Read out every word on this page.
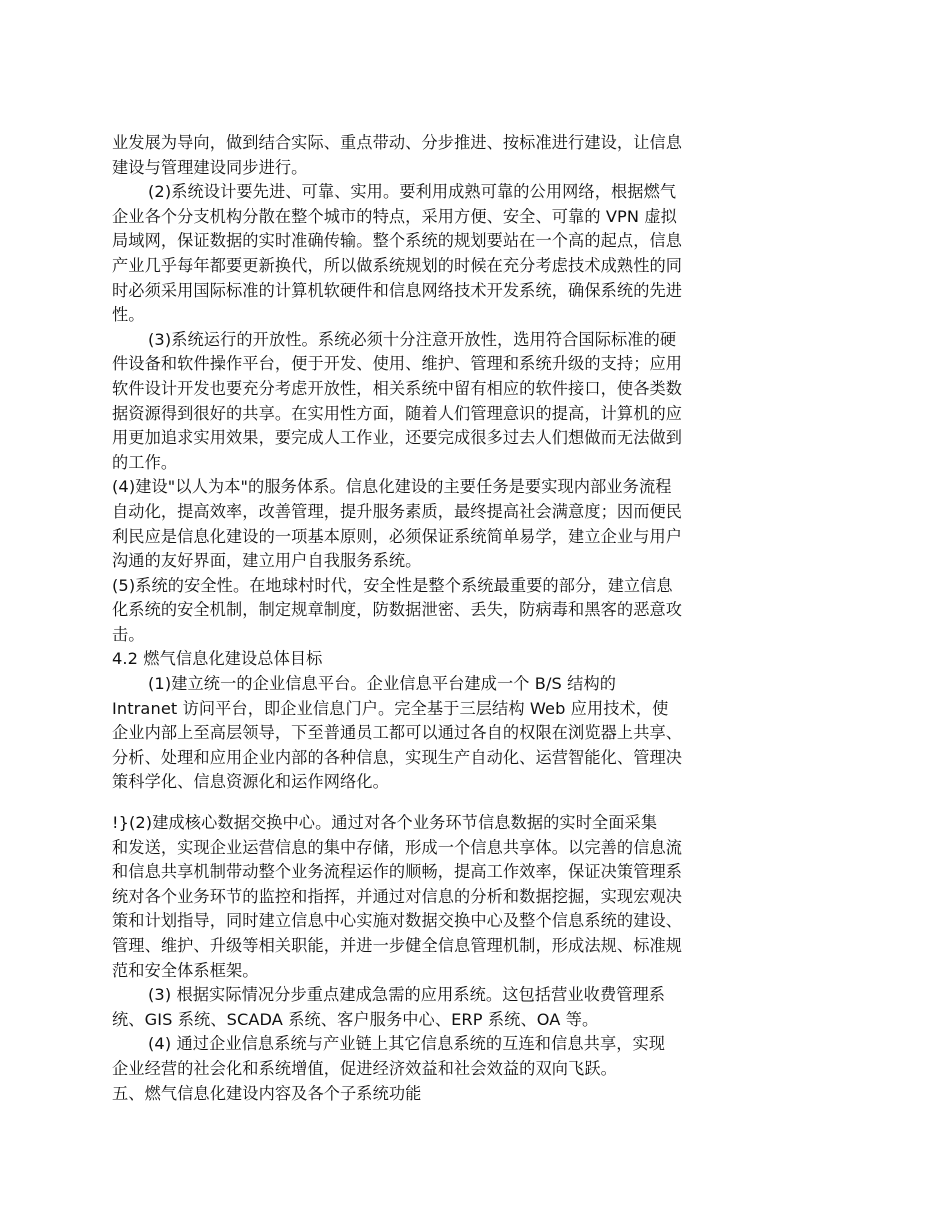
业发展为导向，做到结合实际、重点带动、分步推进、按标准进行建设，让信息
建设与管理建设同步进行。
(2)系统设计要先进、可靠、实用。要利用成熟可靠的公用网络，根据燃气
企业各个分支机构分散在整个城市的特点，采用方便、安全、可靠的 VPN 虚拟
局域网，保证数据的实时准确传输。整个系统的规划要站在一个高的起点，信息
产业几乎每年都要更新换代，所以做系统规划的时候在充分考虑技术成熟性的同
时必须采用国际标准的计算机软硬件和信息网络技术开发系统，确保系统的先进
性。
(3)系统运行的开放性。系统必须十分注意开放性，选用符合国际标准的硬
件设备和软件操作平台，便于开发、使用、维护、管理和系统升级的支持；应用
软件设计开发也要充分考虑开放性，相关系统中留有相应的软件接口，使各类数
据资源得到很好的共享。在实用性方面，随着人们管理意识的提高，计算机的应
用更加追求实用效果，要完成人工作业，还要完成很多过去人们想做而无法做到
的工作。
(4)建设"以人为本"的服务体系。信息化建设的主要任务是要实现内部业务流程
自动化，提高效率，改善管理，提升服务素质，最终提高社会满意度；因而便民
利民应是信息化建设的一项基本原则，必须保证系统简单易学，建立企业与用户
沟通的友好界面，建立用户自我服务系统。
(5)系统的安全性。在地球村时代，安全性是整个系统最重要的部分，建立信息
化系统的安全机制，制定规章制度，防数据泄密、丢失，防病毒和黑客的恶意攻
击。
4.2 燃气信息化建设总体目标
(1)建立统一的企业信息平台。企业信息平台建成一个 B/S 结构的
Intranet 访问平台，即企业信息门户。完全基于三层结构 Web 应用技术，使
企业内部上至高层领导，下至普通员工都可以通过各自的权限在浏览器上共享、
分析、处理和应用企业内部的各种信息，实现生产自动化、运营智能化、管理决
策科学化、信息资源化和运作网络化。
!}(2)建成核心数据交换中心。通过对各个业务环节信息数据的实时全面采集
和发送，实现企业运营信息的集中存储，形成一个信息共享体。以完善的信息流
和信息共享机制带动整个业务流程运作的顺畅，提高工作效率，保证决策管理系
统对各个业务环节的监控和指挥，并通过对信息的分析和数据挖掘，实现宏观决
策和计划指导，同时建立信息中心实施对数据交换中心及整个信息系统的建设、
管理、维护、升级等相关职能，并进一步健全信息管理机制，形成法规、标准规
范和安全体系框架。
(3) 根据实际情况分步重点建成急需的应用系统。这包括营业收费管理系
统、GIS 系统、SCADA 系统、客户服务中心、ERP 系统、OA 等。
(4) 通过企业信息系统与产业链上其它信息系统的互连和信息共享，实现
企业经营的社会化和系统增值，促进经济效益和社会效益的双向飞跃。
五、燃气信息化建设内容及各个子系统功能
